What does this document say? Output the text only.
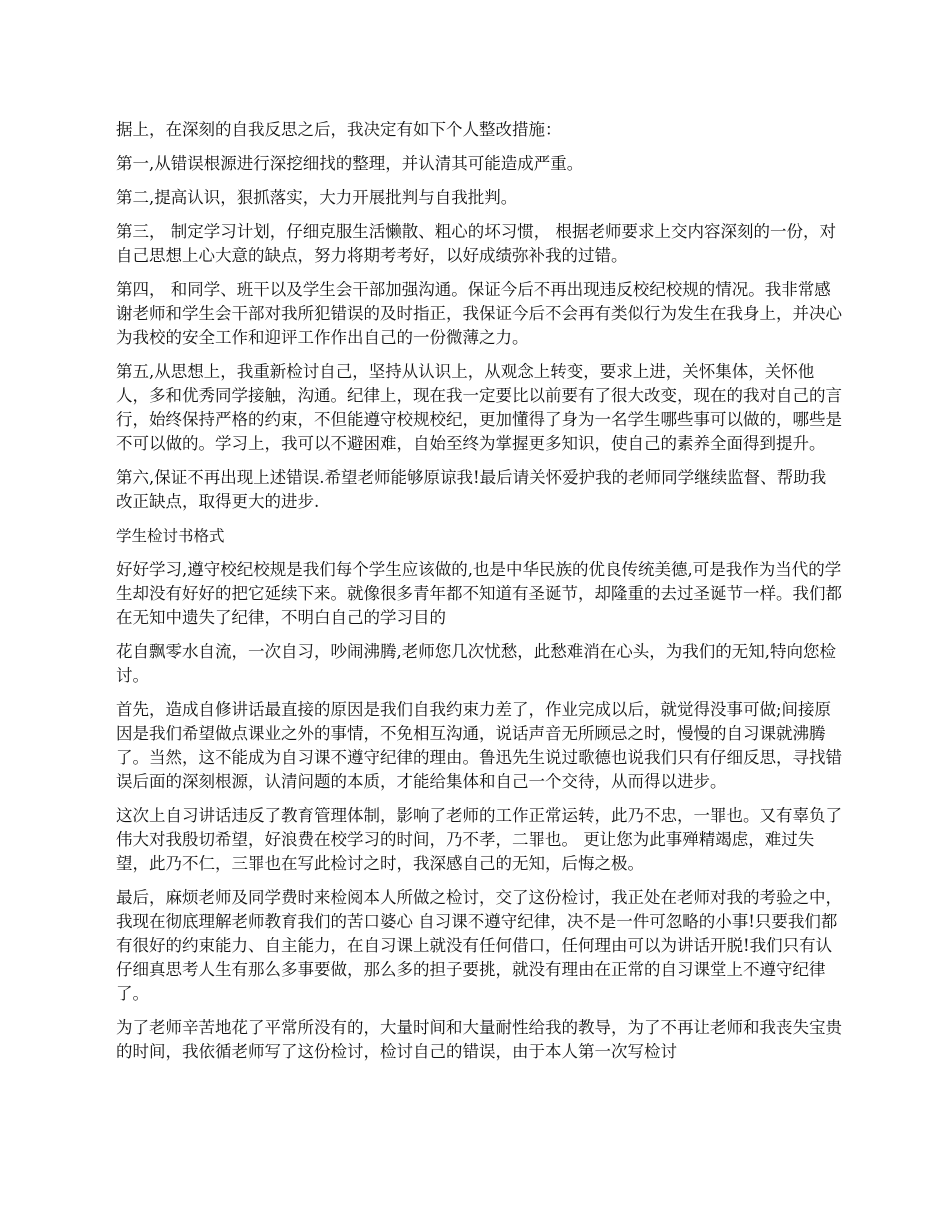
据上，在深刻的自我反思之后，我决定有如下个人整改措施：

第一,从错误根源进行深挖细找的整理，并认清其可能造成严重。

第二,提高认识，狠抓落实，大力开展批判与自我批判。

第三， 制定学习计划，仔细克服生活懒散、粗心的坏习惯， 根据老师要求上交内容深刻的一份，对自己思想上心大意的缺点，努力将期考考好，以好成绩弥补我的过错。

第四， 和同学、班干以及学生会干部加强沟通。保证今后不再出现违反校纪校规的情况。我非常感谢老师和学生会干部对我所犯错误的及时指正，我保证今后不会再有类似行为发生在我身上，并决心为我校的安全工作和迎评工作作出自己的一份微薄之力。

第五,从思想上，我重新检讨自己，坚持从认识上，从观念上转变，要求上进，关怀集体，关怀他人，多和优秀同学接触，沟通。纪律上，现在我一定要比以前要有了很大改变，现在的我对自己的言行，始终保持严格的约束，不但能遵守校规校纪，更加懂得了身为一名学生哪些事可以做的，哪些是不可以做的。学习上，我可以不避困难，自始至终为掌握更多知识，使自己的素养全面得到提升。

第六,保证不再出现上述错误.希望老师能够原谅我!最后请关怀爱护我的老师同学继续监督、帮助我改正缺点，取得更大的进步.

学生检讨书格式

好好学习,遵守校纪校规是我们每个学生应该做的,也是中华民族的优良传统美德,可是我作为当代的学生却没有好好的把它延续下来。就像很多青年都不知道有圣诞节，却隆重的去过圣诞节一样。我们都在无知中遗失了纪律，不明白自己的学习目的

花自飘零水自流，一次自习，吵闹沸腾,老师您几次忧愁，此愁难消在心头，为我们的无知,特向您检讨。

首先，造成自修讲话最直接的原因是我们自我约束力差了，作业完成以后，就觉得没事可做;间接原因是我们希望做点课业之外的事情，不免相互沟通，说话声音无所顾忌之时，慢慢的自习课就沸腾了。当然，这不能成为自习课不遵守纪律的理由。鲁迅先生说过歌德也说我们只有仔细反思，寻找错误后面的深刻根源，认清问题的本质，才能给集体和自己一个交待，从而得以进步。

这次上自习讲话违反了教育管理体制，影响了老师的工作正常运转，此乃不忠，一罪也。又有辜负了伟大对我殷切希望，好浪费在校学习的时间，乃不孝，二罪也。 更让您为此事殚精竭虑，难过失望，此乃不仁，三罪也在写此检讨之时，我深感自己的无知，后悔之极。

最后，麻烦老师及同学费时来检阅本人所做之检讨，交了这份检讨，我正处在老师对我的考验之中，我现在彻底理解老师教育我们的苦口婆心 自习课不遵守纪律，决不是一件可忽略的小事!只要我们都有很好的约束能力、自主能力，在自习课上就没有任何借口，任何理由可以为讲话开脱!我们只有认仔细真思考人生有那么多事要做，那么多的担子要挑，就没有理由在正常的自习课堂上不遵守纪律了。

为了老师辛苦地花了平常所没有的，大量时间和大量耐性给我的教导，为了不再让老师和我丧失宝贵的时间，我依循老师写了这份检讨，检讨自己的错误，由于本人第一次写检讨
